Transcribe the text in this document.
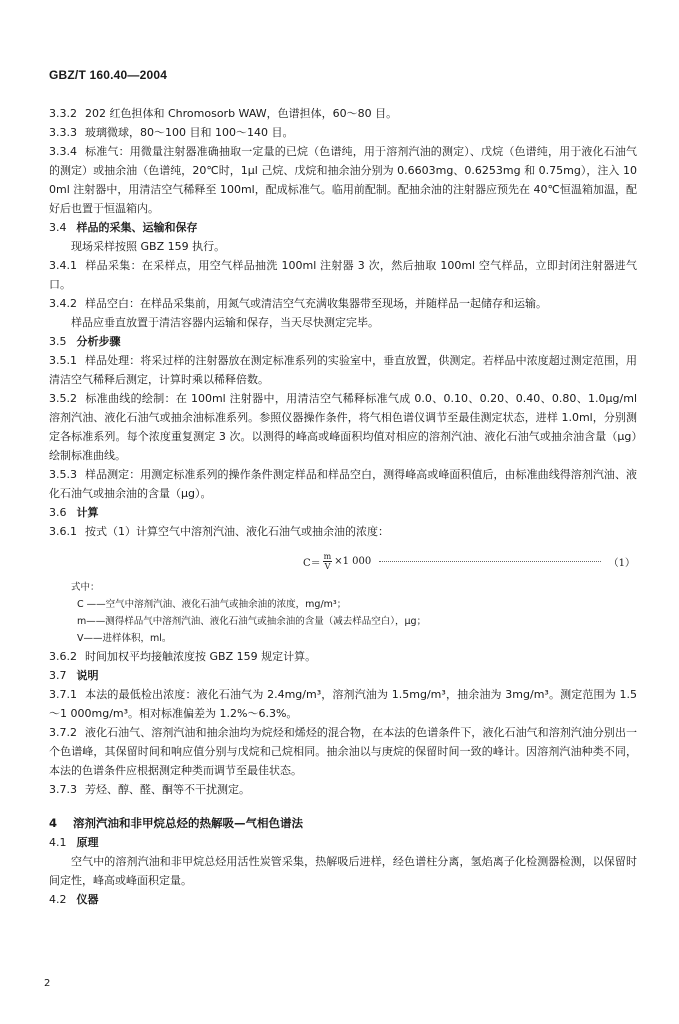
GBZ/T 160.40—2004

3.3.2 202 红色担体和 Chromosorb WAW，色谱担体，60～80 目。

3.3.3 玻璃微球，80～100 目和 100～140 目。

3.3.4 标准气：用微量注射器准确抽取一定量的已烷（色谱纯，用于溶剂汽油的测定）、戊烷（色谱纯，用于液化石油气的测定）或抽余油（色谱纯，20℃时，1μl 己烷、戊烷和抽余油分别为 0.6603mg、0.6253mg 和 0.75mg），注入 100ml 注射器中，用清洁空气稀释至 100ml，配成标准气。临用前配制。配抽余油的注射器应预先在 40℃恒温箱加温，配好后也置于恒温箱内。

3.4 样品的采集、运输和保存

现场采样按照 GBZ 159 执行。

3.4.1 样品采集：在采样点，用空气样品抽洗 100ml 注射器 3 次，然后抽取 100ml 空气样品，立即封闭注射器进气口。

3.4.2 样品空白：在样品采集前，用氮气或清洁空气充满收集器带至现场，并随样品一起储存和运输。

样品应垂直放置于清洁容器内运输和保存，当天尽快测定完毕。

3.5 分析步骤

3.5.1 样品处理：将采过样的注射器放在测定标准系列的实验室中，垂直放置，供测定。若样品中浓度超过测定范围，用清洁空气稀释后测定，计算时乘以稀释倍数。

3.5.2 标准曲线的绘制：在 100ml 注射器中，用清洁空气稀释标准气成 0.0、0.10、0.20、0.40、0.80、1.0μg/ml 溶剂汽油、液化石油气或抽余油标准系列。参照仪器操作条件，将气相色谱仪调节至最佳测定状态，进样 1.0ml，分别测定各标准系列。每个浓度重复测定 3 次。以测得的峰高或峰面积均值对相应的溶剂汽油、液化石油气或抽余油含量（μg）绘制标准曲线。

3.5.3 样品测定：用测定标准系列的操作条件测定样品和样品空白，测得峰高或峰面积值后，由标准曲线得溶剂汽油、液化石油气或抽余油的含量（μg）。

3.6 计算

3.6.1 按式（1）计算空气中溶剂汽油、液化石油气或抽余油的浓度：

$C= \frac{m}{V} \times 1$ 000	（1）

式中：

C ——空气中溶剂汽油、液化石油气或抽余油的浓度，mg/m³；

m——测得样品气中溶剂汽油、液化石油气或抽余油的含量（减去样品空白），μg；

V——进样体积，ml。

3.6.2 时间加权平均接触浓度按 GBZ 159 规定计算。

3.7 说明

3.7.1 本法的最低检出浓度：液化石油气为 2.4mg/m³，溶剂汽油为 1.5mg/m³，抽余油为 3mg/m³。测定范围为 1.5～1 000mg/m³。相对标准偏差为 1.2%～6.3%。

3.7.2 液化石油气、溶剂汽油和抽余油均为烷烃和烯烃的混合物，在本法的色谱条件下，液化石油气和溶剂汽油分别出一个色谱峰，其保留时间和响应值分别与戊烷和己烷相同。抽余油以与庚烷的保留时间一致的峰计。因溶剂汽油种类不同，本法的色谱条件应根据测定种类而调节至最佳状态。

3.7.3 芳烃、醇、醛、酮等不干扰测定。

4 溶剂汽油和非甲烷总烃的热解吸—气相色谱法

4.1 原理

空气中的溶剂汽油和非甲烷总烃用活性炭管采集，热解吸后进样，经色谱柱分离，氢焰离子化检测器检测，以保留时间定性，峰高或峰面积定量。

4.2 仪器

2
